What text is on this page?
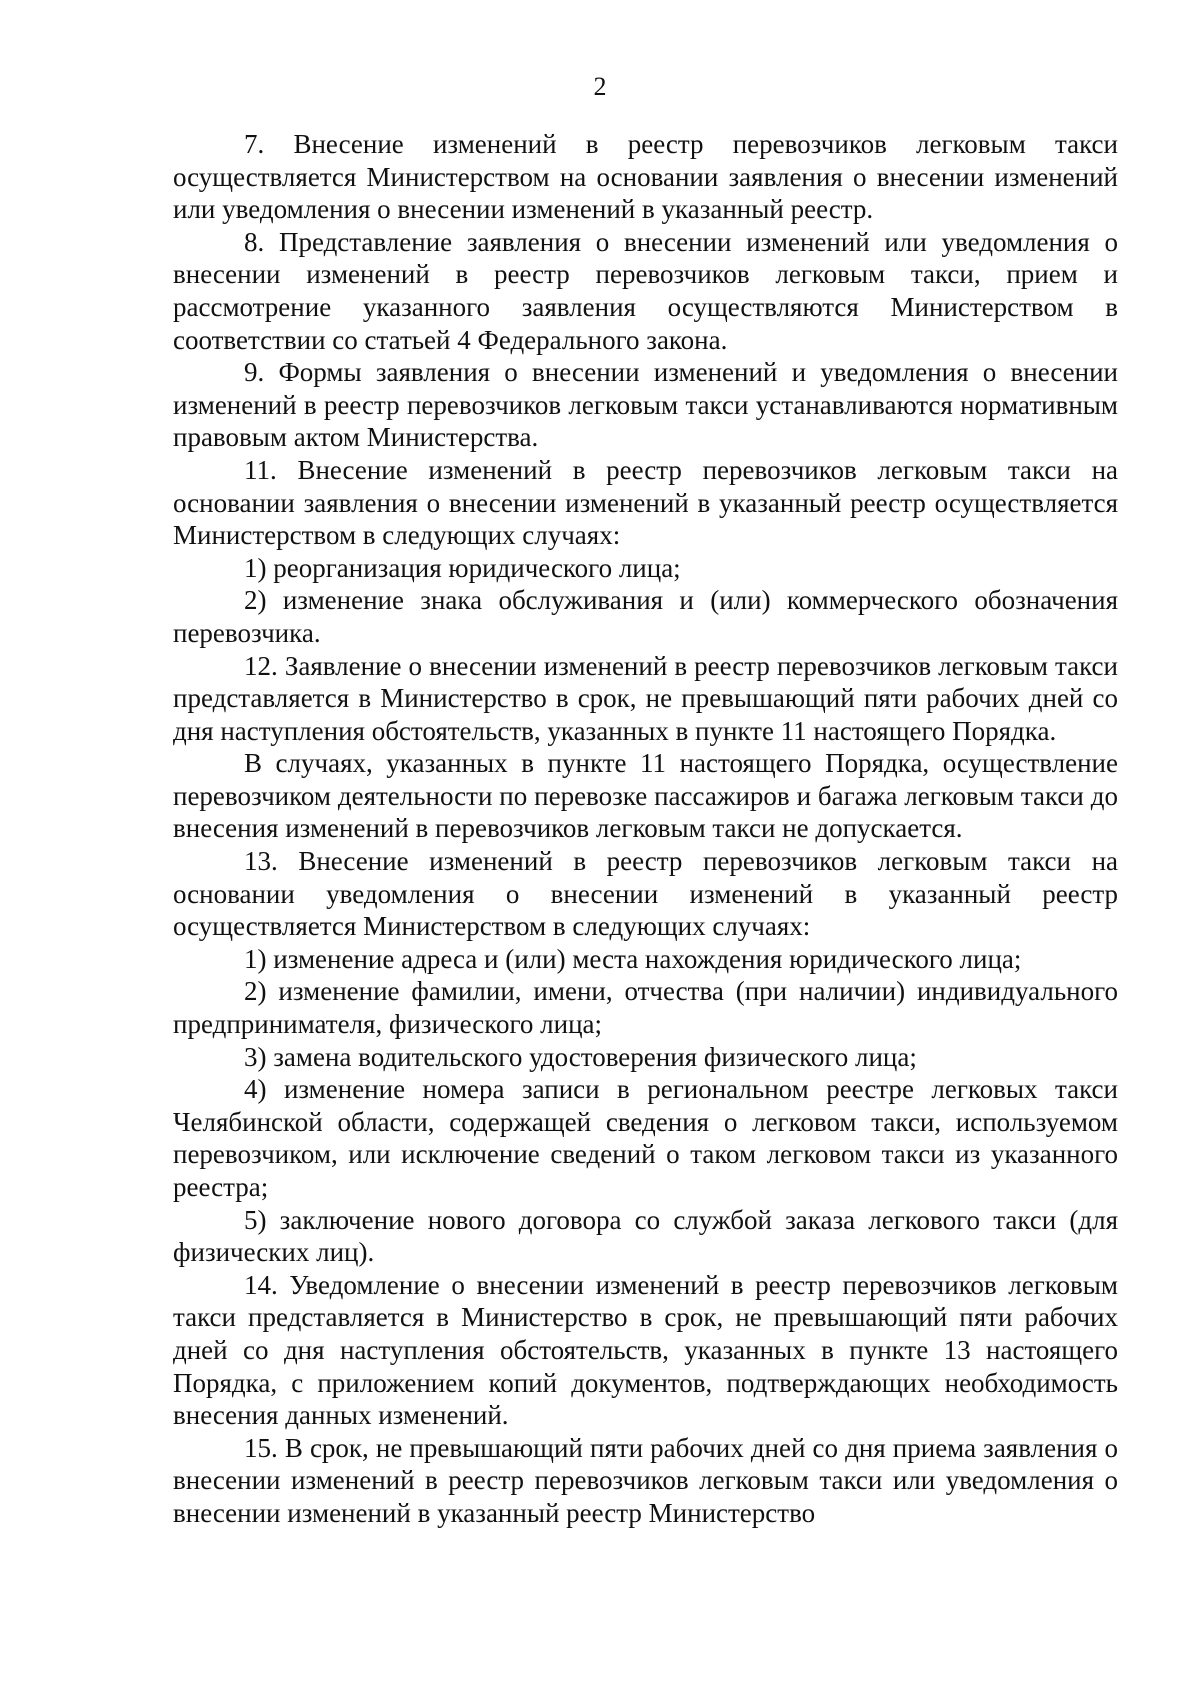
2

7. Внесение изменений в реестр перевозчиков легковым такси осуществляется Министерством на основании заявления о внесении изменений или уведомления о внесении изменений в указанный реестр.

8. Представление заявления о внесении изменений или уведомления о внесении изменений в реестр перевозчиков легковым такси, прием и рассмотрение указанного заявления осуществляются Министерством в соответствии со статьей 4 Федерального закона.

9. Формы заявления о внесении изменений и уведомления о внесении изменений в реестр перевозчиков легковым такси устанавливаются нормативным правовым актом Министерства.

11. Внесение изменений в реестр перевозчиков легковым такси на основании заявления о внесении изменений в указанный реестр осуществляется Министерством в следующих случаях:

1) реорганизация юридического лица;

2) изменение знака обслуживания и (или) коммерческого обозначения перевозчика.

12. Заявление о внесении изменений в реестр перевозчиков легковым такси представляется в Министерство в срок, не превышающий пяти рабочих дней со дня наступления обстоятельств, указанных в пункте 11 настоящего Порядка.

В случаях, указанных в пункте 11 настоящего Порядка, осуществление перевозчиком деятельности по перевозке пассажиров и багажа легковым такси до внесения изменений в перевозчиков легковым такси не допускается.

13. Внесение изменений в реестр перевозчиков легковым такси на основании уведомления о внесении изменений в указанный реестр осуществляется Министерством в следующих случаях:

1) изменение адреса и (или) места нахождения юридического лица;

2) изменение фамилии, имени, отчества (при наличии) индивидуального предпринимателя, физического лица;

3) замена водительского удостоверения физического лица;

4) изменение номера записи в региональном реестре легковых такси Челябинской области, содержащей сведения о легковом такси, используемом перевозчиком, или исключение сведений о таком легковом такси из указанного реестра;

5) заключение нового договора со службой заказа легкового такси (для физических лиц).

14. Уведомление о внесении изменений в реестр перевозчиков легковым такси представляется в Министерство в срок, не превышающий пяти рабочих дней со дня наступления обстоятельств, указанных в пункте 13 настоящего Порядка, с приложением копий документов, подтверждающих необходимость внесения данных изменений.

15. В срок, не превышающий пяти рабочих дней со дня приема заявления о внесении изменений в реестр перевозчиков легковым такси или уведомления о внесении изменений в указанный реестр Министерство
